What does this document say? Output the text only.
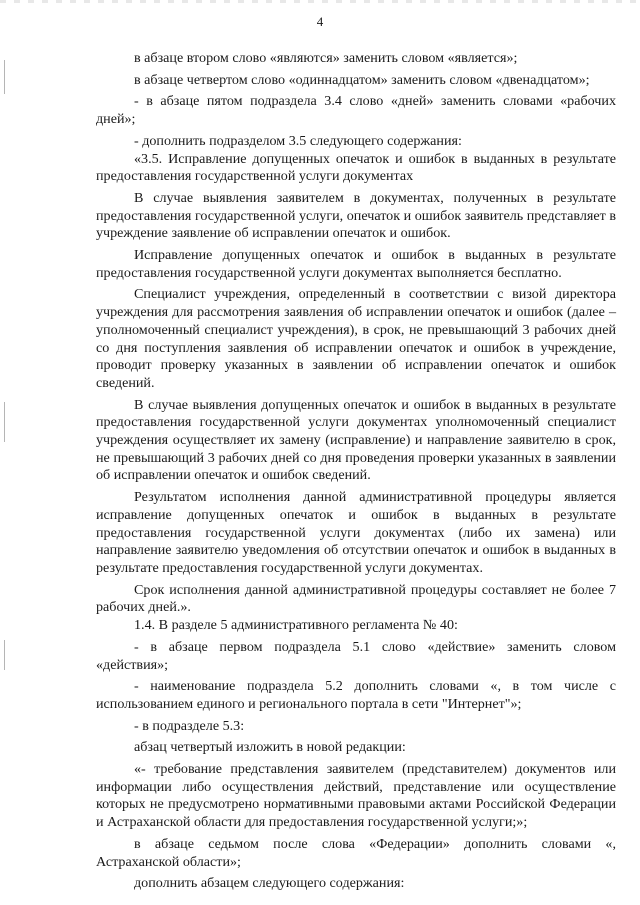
4

в абзаце втором слово «являются» заменить словом «является»;

в абзаце четвертом слово «одиннадцатом» заменить словом «двенадцатом»;

- в абзаце пятом подраздела 3.4 слово «дней» заменить словами «рабочих дней»;

- дополнить подразделом 3.5 следующего содержания:

«3.5. Исправление допущенных опечаток и ошибок в выданных в результате предоставления государственной услуги документах

В случае выявления заявителем в документах, полученных в результате предоставления государственной услуги, опечаток и ошибок заявитель представляет в учреждение заявление об исправлении опечаток и ошибок.

Исправление допущенных опечаток и ошибок в выданных в результате предоставления государственной услуги документах выполняется бесплатно.

Специалист учреждения, определенный в соответствии с визой директора учреждения для рассмотрения заявления об исправлении опечаток и ошибок (далее – уполномоченный специалист учреждения), в срок, не превышающий 3 рабочих дней со дня поступления заявления об исправлении опечаток и ошибок в учреждение, проводит проверку указанных в заявлении об исправлении опечаток и ошибок сведений.

В случае выявления допущенных опечаток и ошибок в выданных в результате предоставления государственной услуги документах уполномоченный специалист учреждения осуществляет их замену (исправление) и направление заявителю в срок, не превышающий 3 рабочих дней со дня проведения проверки указанных в заявлении об исправлении опечаток и ошибок сведений.

Результатом исполнения данной административной процедуры является исправление допущенных опечаток и ошибок в выданных в результате предоставления государственной услуги документах (либо их замена) или направление заявителю уведомления об отсутствии опечаток и ошибок в выданных в результате предоставления государственной услуги документах.

Срок исполнения данной административной процедуры составляет не более 7 рабочих дней.».

1.4. В разделе 5 административного регламента № 40:

- в абзаце первом подраздела 5.1 слово «действие» заменить словом «действия»;

- наименование подраздела 5.2 дополнить словами «, в том числе с использованием единого и регионального портала в сети "Интернет"»;

- в подразделе 5.3:

абзац четвертый изложить в новой редакции:

«- требование представления заявителем (представителем) документов или информации либо осуществления действий, представление или осуществление которых не предусмотрено нормативными правовыми актами Российской Федерации и Астраханской области для предоставления государственной услуги;»;

в абзаце седьмом после слова «Федерации» дополнить словами «, Астраханской области»;

дополнить абзацем следующего содержания:
